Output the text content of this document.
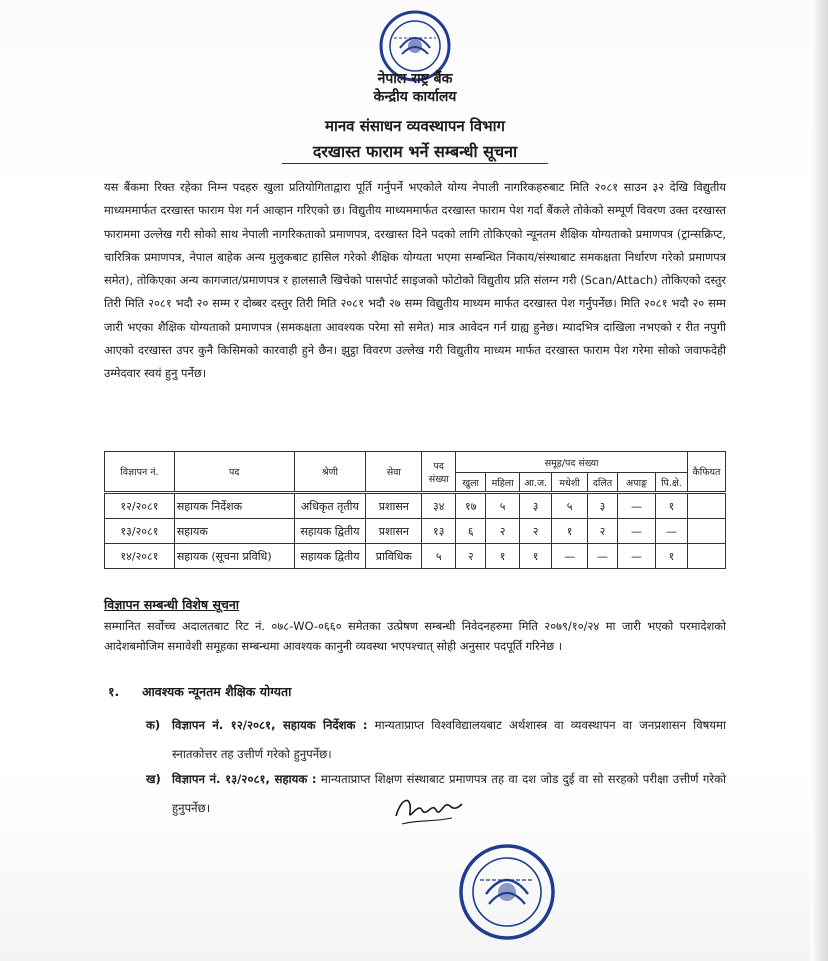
नेपाल राष्ट्र बैंक
केन्द्रीय कार्यालय
मानव संसाधन व्यवस्थापन विभाग
दरखास्त फाराम भर्ने सम्बन्धी सूचना
यस बैंकमा रिक्त रहेका निम्न पदहरु खुला प्रतियोगिताद्वारा पूर्ति गर्नुपर्ने भएकोले योग्य नेपाली नागरिकहरुबाट मिति २०८१ साउन ३२ देखि विद्युतीय माध्यममार्फत दरखास्त फाराम पेश गर्न आव्हान गरिएको छ। विद्युतीय माध्यममार्फत दरखास्त फाराम पेश गर्दा बैंकले तोकेको सम्पूर्ण विवरण उक्त दरखास्त फाराममा उल्लेख गरी सोको साथ नेपाली नागरिकताको प्रमाणपत्र, दरखास्त दिने पदको लागि तोकिएको न्यूनतम शैक्षिक योग्यताको प्रमाणपत्र (ट्रान्सक्रिप्ट, चारित्रिक प्रमाणपत्र, नेपाल बाहेक अन्य मुलुकबाट हासिल गरेको शैक्षिक योग्यता भएमा सम्बन्धित निकाय/संस्थाबाट समकक्षता निर्धारण गरेको प्रमाणपत्र समेत), तोकिएका अन्य कागजात/प्रमाणपत्र र हालसालै खिचेको पासपोर्ट साइजको फोटोको विद्युतीय प्रति संलग्न गरी (Scan/Attach) तोकिएको दस्तुर तिरी मिति २०८१ भदौ २० सम्म र दोब्बर दस्तुर तिरी मिति २०८१ भदौ २७ सम्म विद्युतीय माध्यम मार्फत दरखास्त पेश गर्नुपर्नेछ। मिति २०८१ भदौ २० सम्म जारी भएका शैक्षिक योग्यताको प्रमाणपत्र (समकक्षता आवश्यक परेमा सो समेत) मात्र आवेदन गर्न ग्राह्य हुनेछ। म्यादभित्र दाखिला नभएको र रीत नपुगी आएको दरखास्त उपर कुनै किसिमको कारवाही हुने छैन। झुट्ठा विवरण उल्लेख गरी विद्युतीय माध्यम मार्फत दरखास्त फाराम पेश गरेमा सोको जवाफदेही उम्मेदवार स्वयं हुनु पर्नेछ।
विज्ञापन नं.	पद	श्रेणी	सेवा	पद संख्या	समूह/पद संख्या							कैफियत
					खुला	महिला	आ.ज.	मधेशी	दलित	अपाङ्ग	पि.क्षे.	
१२/२०८१	सहायक निर्देशक	अधिकृत तृतीय	प्रशासन	३४	१७	५	३	५	३	—	१	
१३/२०८१	सहायक	सहायक द्वितीय	प्रशासन	१३	६	२	२	१	२	—	—	
१४/२०८१	सहायक (सूचना प्रविधि)	सहायक द्वितीय	प्राविधिक	५	२	१	१	—	—	—	१	
विज्ञापन सम्बन्धी विशेष सूचना
सम्मानित सर्वोच्च अदालतबाट रिट नं. ०७८-WO-०६६० समेतका उत्प्रेषण सम्बन्धी निवेदनहरुमा मिति २०७९/१०/२४ मा जारी भएको परमादेशको आदेशबमोजिम समावेशी समूहका सम्बन्धमा आवश्यक कानुनी व्यवस्था भएपश्चात् सोही अनुसार पदपूर्ति गरिनेछ ।
१. आवश्यक न्यूनतम शैक्षिक योग्यता
क) विज्ञापन नं. १२/२०८१, सहायक निर्देशक : मान्यताप्राप्त विश्वविद्यालयबाट अर्थशास्त्र वा व्यवस्थापन वा जनप्रशासन विषयमा स्नातकोत्तर तह उत्तीर्ण गरेको हुनुपर्नेछ।
ख) विज्ञापन नं. १३/२०८१, सहायक : मान्यताप्राप्त शिक्षण संस्थाबाट प्रमाणपत्र तह वा दश जोड दुई वा सो सरहको परीक्षा उत्तीर्ण गरेको हुनुपर्नेछ।
